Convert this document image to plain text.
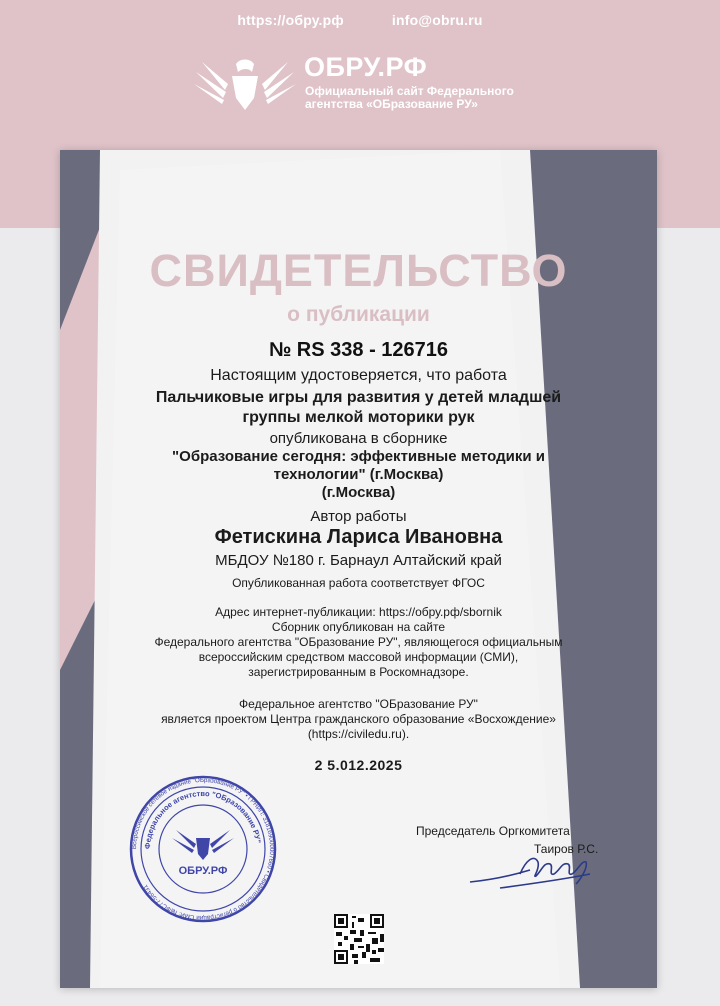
https://обру.рф	info@obru.ru
ОБРУ.РФ
Официальный сайт Федерального
агентства «ОБразование РУ»
СВИДЕТЕЛЬСТВО
о публикации
№ RS 338 - 126716
Настоящим удостоверяется, что работа
Пальчиковые игры для развития у детей младшей
группы мелкой моторики рук
опубликована в сборнике
"Образование сегодня: эффективные методики и
технологии" (г.Москва)
(г.Москва)
Автор работы
Фетискина Лариса Ивановна
МБДОУ №180 г. Барнаул Алтайский край
Опубликованная работа соответствует ФГОС
Адрес интернет-публикации: https://обру.рф/sbornik
Сборник опубликован на сайте
Федерального агентства "ОБразование РУ", являющегося официальным
всероссийским средством массовой информации (СМИ),
зарегистрированным в Роскомнадзоре.
Федеральное агентство "ОБразование РУ"
является проектом Центра гражданского образование «Восхождение»
(https://civiledu.ru).
2 5.012.2025
Председатель Оргкомитета
Таиров Р.С.
Всероссийское сетевое издание "ОБразование РУ" • ГРНИП: 318169000007660 • Свидетельство о регистрации СМИ: №ФС77-56431
Федеральное агентство "ОБразование РУ"
ОБРУ.РФ
